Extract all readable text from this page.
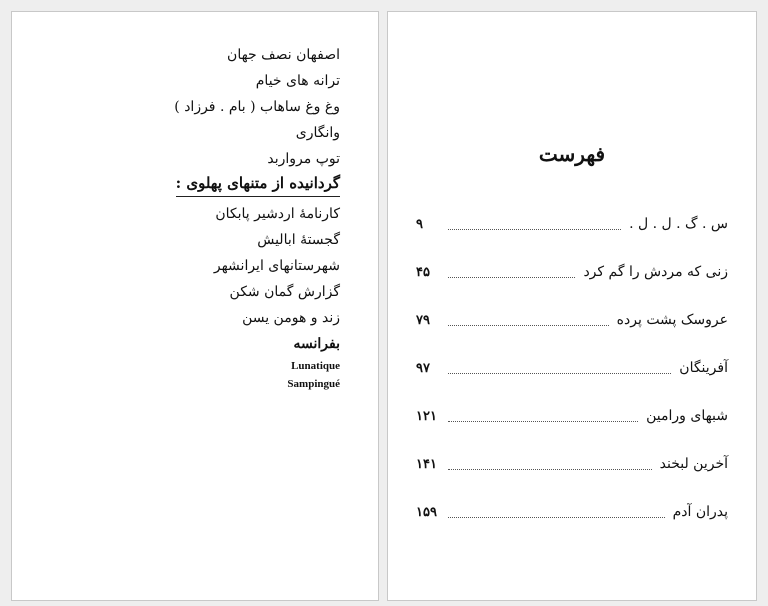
اصفهان نصف جهان
ترانه های خیام
وغ وغ ساهاب ( بام . فرزاد )
وانگاری
توپ مرواربد
گردانیده از متنهای پهلوی :
کارنامهٔ اردشیر پابکان
گجستهٔ ابالیش
شهرستانهای ایرانشهر
گزارش گمان شکن
زند و هومن یسن
بفرانسه
Lunatique
Sampingué
فهرست
۹	س . گ . ل . ل .
۴۵	زنی که مردش را گم کرد
۷۹	عروسک پشت پرده
۹۷	آفرینگان
۱۲۱	شبهای ورامین
۱۴۱	آخرین لبخند
۱۵۹	پدران آدم
